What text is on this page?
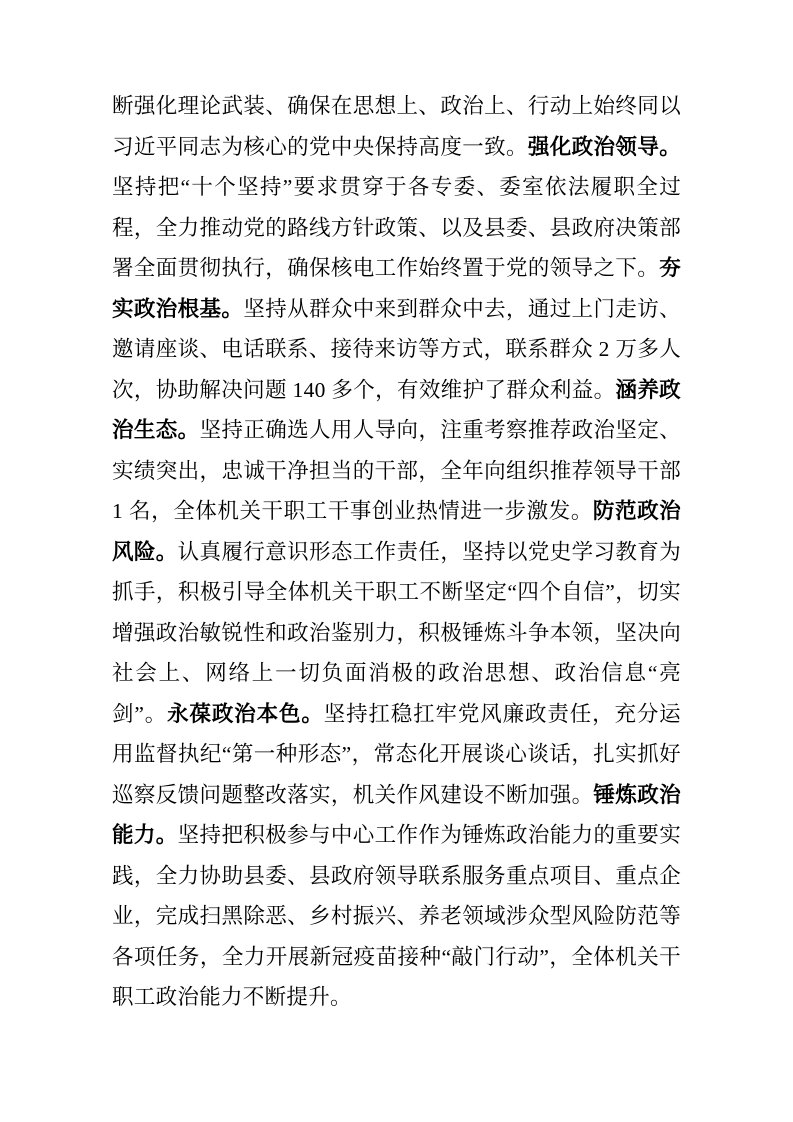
断强化理论武装、确保在思想上、政治上、行动上始终同以习近平同志为核心的党中央保持高度一致。强化政治领导。坚持把“十个坚持”要求贯穿于各专委、委室依法履职全过程，全力推动党的路线方针政策、以及县委、县政府决策部署全面贯彻执行，确保核电工作始终置于党的领导之下。夯实政治根基。坚持从群众中来到群众中去，通过上门走访、邀请座谈、电话联系、接待来访等方式，联系群众 2 万多人次，协助解决问题 140 多个，有效维护了群众利益。涵养政治生态。坚持正确选人用人导向，注重考察推荐政治坚定、实绩突出，忠诚干净担当的干部，全年向组织推荐领导干部 1 名，全体机关干职工干事创业热情进一步激发。防范政治风险。认真履行意识形态工作责任，坚持以党史学习教育为抓手，积极引导全体机关干职工不断坚定“四个自信”，切实增强政治敏锐性和政治鉴别力，积极锤炼斗争本领，坚决向社会上、网络上一切负面消极的政治思想、政治信息“亮剑”。永葆政治本色。坚持扛稳扛牢党风廉政责任，充分运用监督执纪“第一种形态”，常态化开展谈心谈话，扎实抓好巡察反馈问题整改落实，机关作风建设不断加强。锤炼政治能力。坚持把积极参与中心工作作为锤炼政治能力的重要实践，全力协助县委、县政府领导联系服务重点项目、重点企业，完成扫黑除恶、乡村振兴、养老领域涉众型风险防范等各项任务，全力开展新冠疫苗接种“敲门行动”，全体机关干职工政治能力不断提升。
